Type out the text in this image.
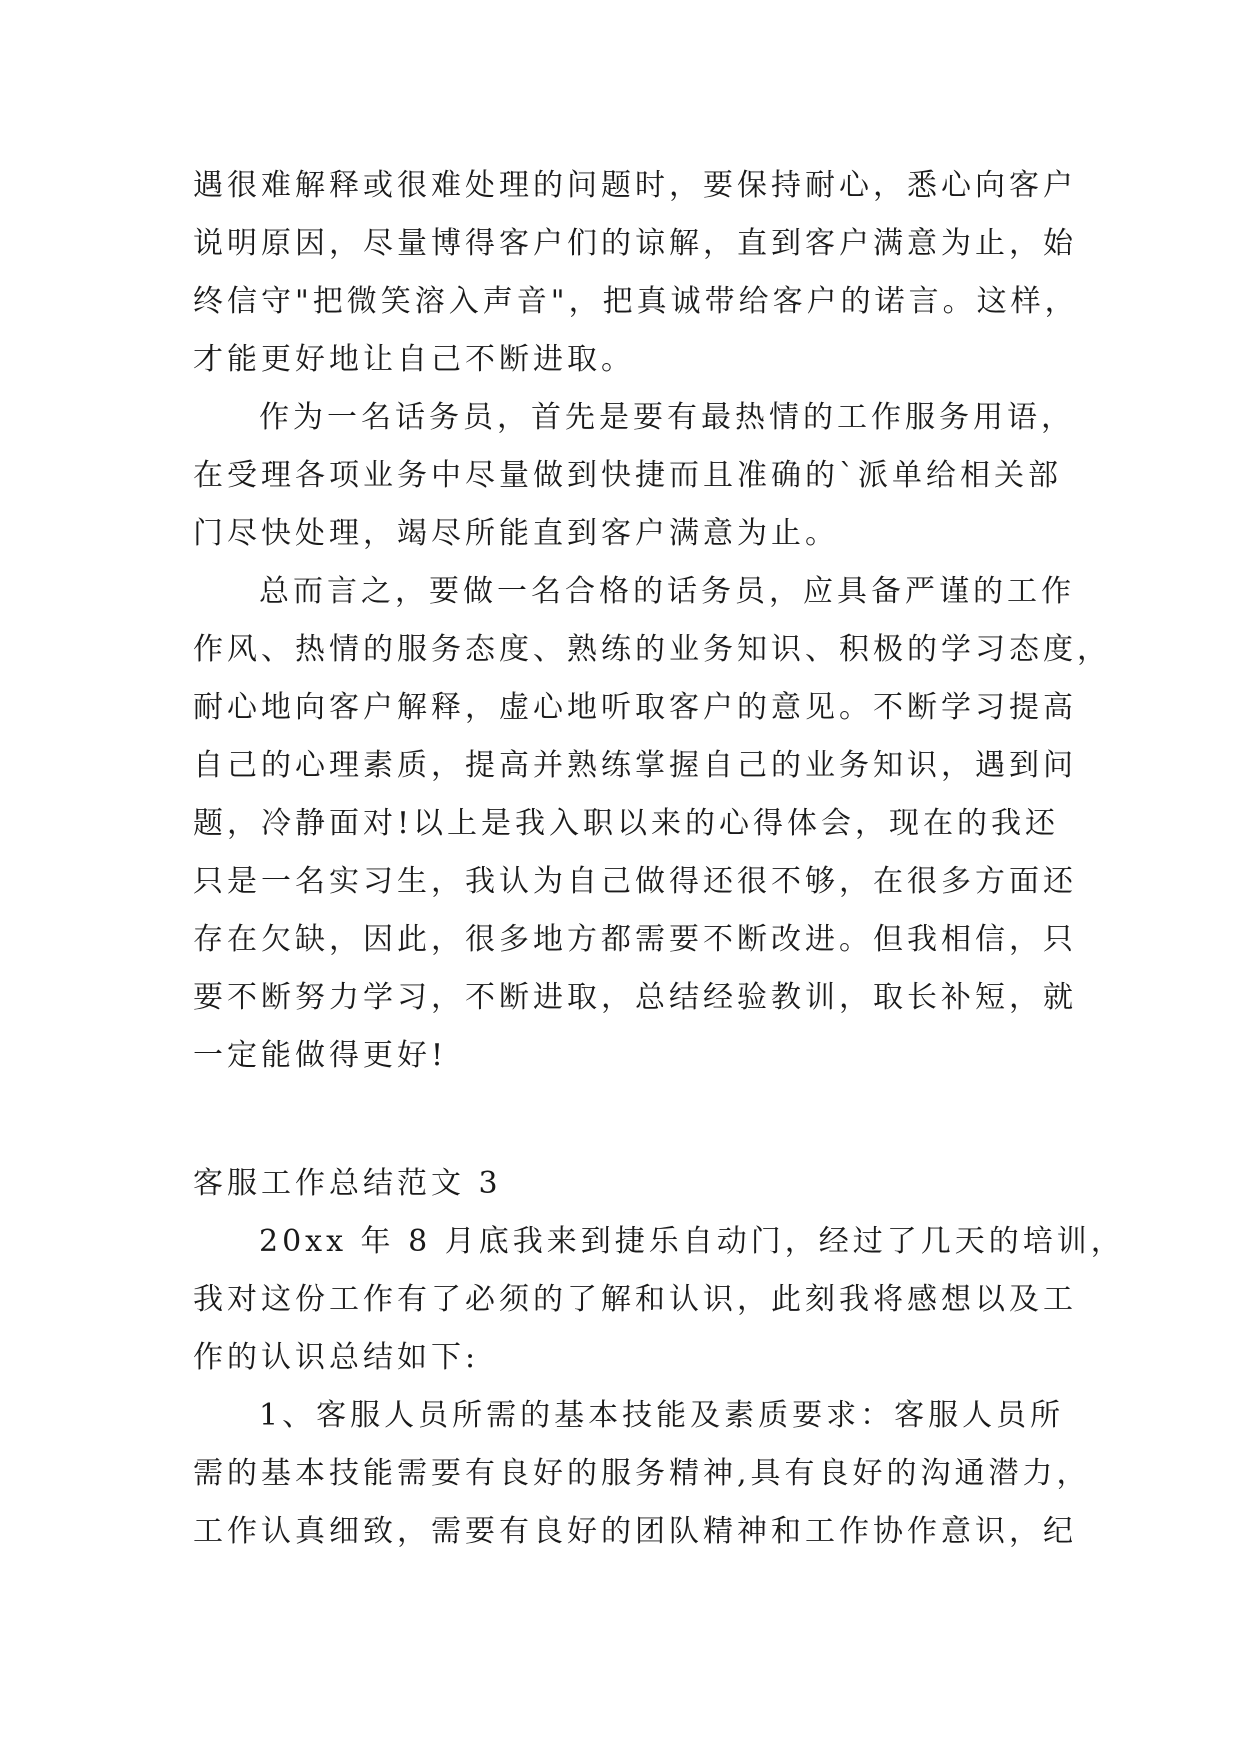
遇很难解释或很难处理的问题时，要保持耐心，悉心向客户
说明原因，尽量博得客户们的谅解，直到客户满意为止，始
终信守"把微笑溶入声音"，把真诚带给客户的诺言。这样，
才能更好地让自己不断进取。
作为一名话务员，首先是要有最热情的工作服务用语，
在受理各项业务中尽量做到快捷而且准确的`派单给相关部
门尽快处理，竭尽所能直到客户满意为止。
总而言之，要做一名合格的话务员，应具备严谨的工作
作风、热情的服务态度、熟练的业务知识、积极的学习态度，
耐心地向客户解释，虚心地听取客户的意见。不断学习提高
自己的心理素质，提高并熟练掌握自己的业务知识，遇到问
题，冷静面对!以上是我入职以来的心得体会，现在的我还
只是一名实习生，我认为自己做得还很不够，在很多方面还
存在欠缺，因此，很多地方都需要不断改进。但我相信，只
要不断努力学习，不断进取，总结经验教训，取长补短，就
一定能做得更好!
客服工作总结范文 3
20xx 年 8 月底我来到捷乐自动门，经过了几天的培训，
我对这份工作有了必须的了解和认识，此刻我将感想以及工
作的认识总结如下:
1、客服人员所需的基本技能及素质要求：客服人员所
需的基本技能需要有良好的服务精神,具有良好的沟通潜力，
工作认真细致，需要有良好的团队精神和工作协作意识，纪
